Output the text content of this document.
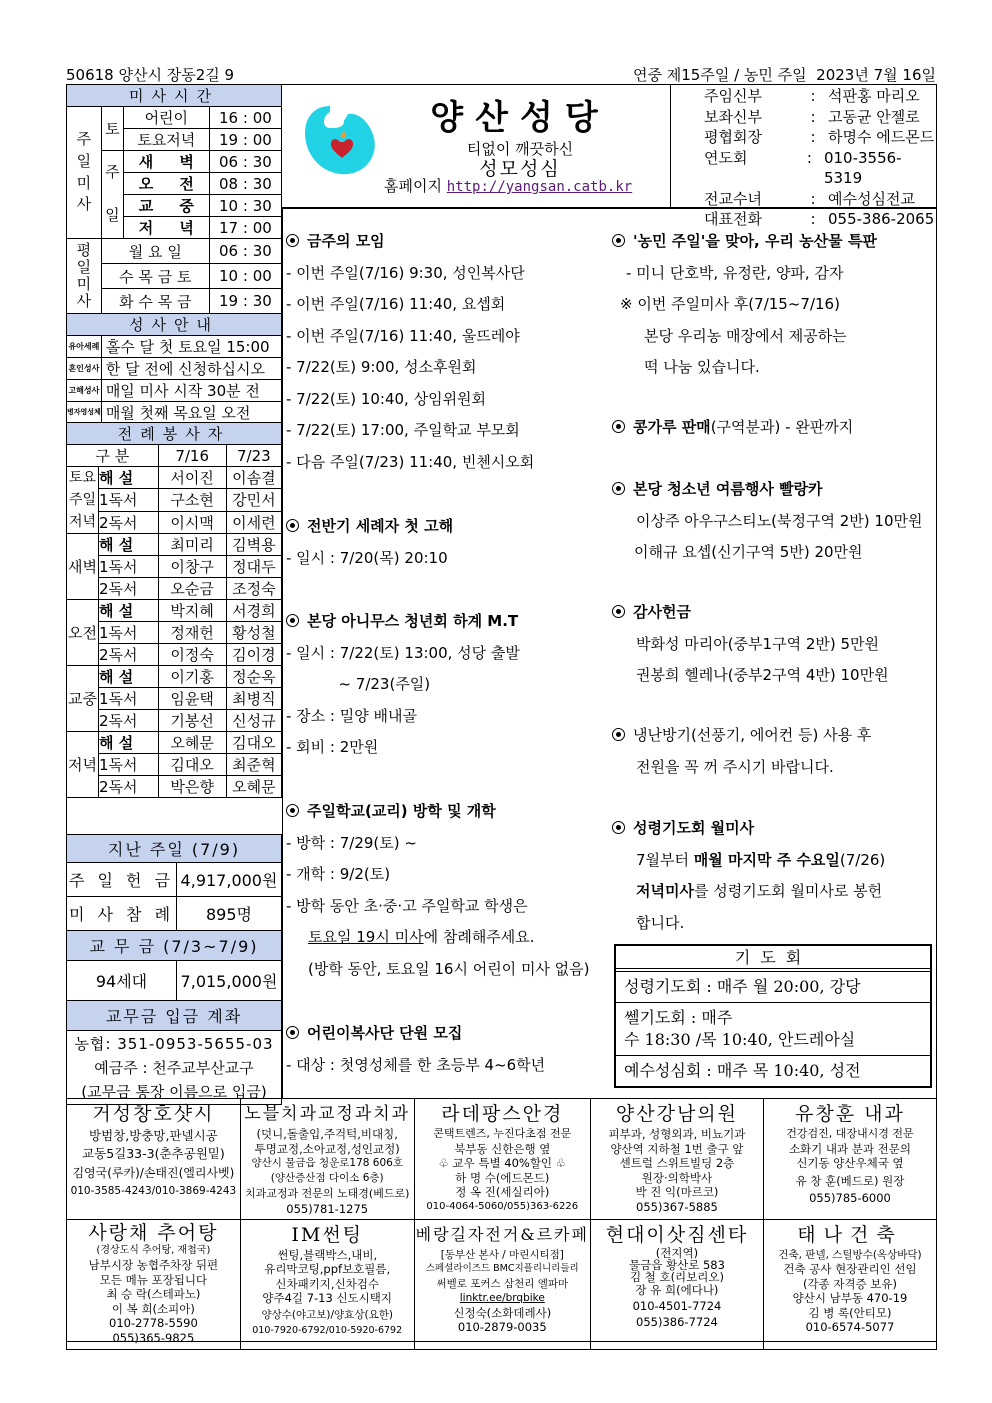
50618 양산시 장동2길 9	연중 제15주일 / 농민 주일  2023년 7월 16일
양산성당
티없이 깨끗하신
성모성심
홈페이지 http://yangsan.catb.kr
주임신부	: 석판홍 마리오
보좌신부	: 고동균 안젤로
평협회장	: 하명수 에드몬드
연도회	: 010-3556-5319
전교수녀	: 예수성심전교
대표전화	: 055-386-2065
미사시간			
주
일
미
사	토	어린이	16 : 00
		토요저녁	19 : 00
	주

일	새     벽	06 : 30
		오     전	08 : 30
		교     중	10 : 30
		저     녁	17 : 00
평
일
미
사	월 요 일		06 : 30
	수 목 금 토		10 : 00
	화 수 목 금		19 : 30
성사안내			
유아세례	홀수 달 첫 토요일 15:00		
혼인성사	한 달 전에 신청하십시오		
고해성사	매일 미사 시작 30분 전		
병자영성체	매월 첫째 목요일 오전		
전례봉사자			
구 분		7/16	7/23
토요주일저녁	해 설	서이진	이솜결
	1독서	구소현	강민서
	2독서	이시맥	이세련
새벽	해 설	최미리	김벽용
	1독서	이창구	정대두
	2독서	오순금	조정숙
오전	해 설	박지혜	서경희
	1독서	정재헌	황성철
	2독서	이정숙	김이경
교중	해 설	이기홍	정순옥
	1독서	임윤택	최병직
	2독서	기봉선	신성규
저녁	해 설	오혜문	김대오
	1독서	김대오	최준혁
	2독서	박은향	오혜문
지난 주일 (7/9)	
주 일 헌 금	4,917,000원
미 사 참 례	895명
교 무 금 (7/3~7/9)	
94세대	7,015,000원
교무금 입금 계좌	

농협: 351-0953-5655-03
예금주 : 천주교부산교구
(교무금 통장 이름으로 입금)	
금주의 모임
- 이번 주일(7/16) 9:30, 성인복사단
- 이번 주일(7/16) 11:40, 요셉회
- 이번 주일(7/16) 11:40, 울뜨레야
- 7/22(토) 9:00, 성소후원회
- 7/22(토) 10:40, 상임위원회
- 7/22(토) 17:00, 주일학교 부모회
- 다음 주일(7/23) 11:40, 빈첸시오회
전반기 세례자 첫 고해
- 일시 : 7/20(목) 20:10
본당 아니무스 청년회 하계 M.T
- 일시 : 7/22(토) 13:00, 성당 출발
~ 7/23(주일)
- 장소 : 밀양 배내골
- 회비 : 2만원
주일학교(교리) 방학 및 개학
- 방학 : 7/29(토) ~
- 개학 : 9/2(토)
- 방학 동안 초·중·고 주일학교 학생은
토요일 19시 미사에 참례해주세요.
(방학 동안, 토요일 16시 어린이 미사 없음)
어린이복사단 단원 모집
- 대상 : 첫영성체를 한 초등부 4~6학년
'농민 주일'을 맞아, 우리 농산물 특판
- 미니 단호박, 유정란, 양파, 감자
※ 이번 주일미사 후(7/15~7/16)
본당 우리농 매장에서 제공하는
떡 나눔 있습니다.
콩가루 판매(구역분과) - 완판까지
본당 청소년 여름행사 빨랑카
이상주 아우구스티노(북정구역 2반) 10만원
이해규 요셉(신기구역 5반) 20만원
감사헌금
박화성 마리아(중부1구역 2반) 5만원
권봉희 헬레나(중부2구역 4반) 10만원
냉난방기(선풍기, 에어컨 등) 사용 후
전원을 꼭 꺼 주시기 바랍니다.
성령기도회 월미사
7월부터 매월 마지막 주 수요일(7/26)
저녁미사를 성령기도회 월미사로 봉헌
합니다.
기도회
성령기도회 : 매주 월 20:00, 강당
쎌기도회 : 매주
수 18:30 /목 10:40, 안드레아실
예수성심회 : 매주 목 10:40, 성전
거성창호샷시
방범창,방충망,판넬시공
교동5길33-3(춘추공원밑)
김영국(루카)/손태진(엘리사벳)
010-3585-4243/010-3869-4243

노블치과교정과치과
(덧니,돌출입,주걱턱,비대칭,
투명교정,소아교정,성인교정)
양산시 물금읍 청운로178 606호
(양산증산점 다이소 6층)
치과교정과 전문의 노태경(베드로)
055)781-1275

라데팡스안경
콘택트렌즈, 누진다초점 전문
북부동 신한은행 옆
♧ 교우 특별 40%할인 ♧
하 명 수(에드몬드)
정 옥 진(세실리아)
010-4064-5060/055)363-6226

양산강남의원
피부과, 성형외과, 비뇨기과
양산역 지하철 1번 출구 앞
센트럴 스위트빌딩 2층
원장·의학박사
박 진 익(마르코)
055)367-5885

유창훈 내과
건강검진, 대장내시경 전문
소화기 내과 분과 전문의
신기동 양산우체국 옆
유 창 훈(베드로) 원장
055)785-6000

사랑채 추어탕
(경상도식 추어탕, 재첩국)
남부시장 농협주차장 뒤편
모든 메뉴 포장됩니다
최 승 락(스테파노)
이 복 희(소피아)
010-2778-5590
055)365-9825

IM썬팅
썬팅,블랙박스,내비,
유리막코팅,ppf보호필름,
신차패키지,신차검수
양주4길 7-13 신도시택지
양상수(야고보)/양효상(요한)
010-7920-6792/010-5920-6792

베랑길자전거&르카페
[동부산 본사 / 마린시티점]
스페셜라이즈드 BMC지플리니리들리
써벨로 포커스 삼천리 엘파마
linktr.ee/brqbike
신정숙(소화데레사)
010-2879-0035

현대이삿짐센타
(전지역)
물금읍 황산로 583
김 철 호(리보리오)
장 유 희(에다나)
010-4501-7724
055)386-7724

태나건축
건축, 판넬, 스틸방수(옥상바닥)
건축 공사 현장관리인 선임
(각종 자격증 보유)
양산시 남부동 470-19
김 병 록(안티모)
010-6574-5077
